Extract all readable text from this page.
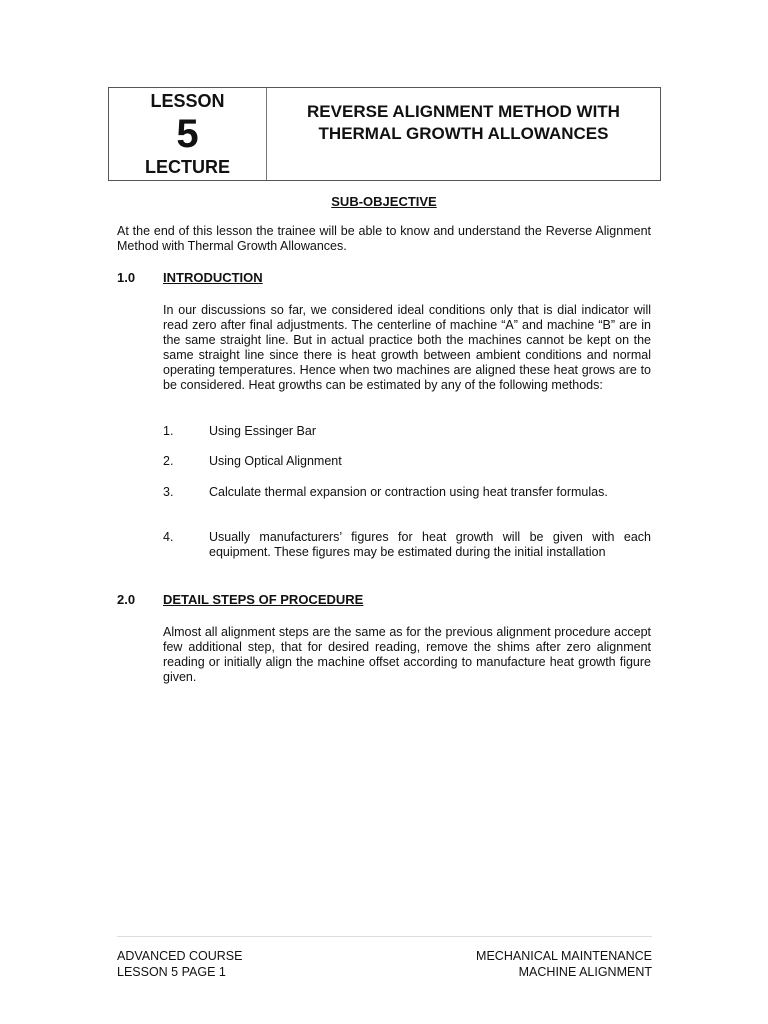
LESSON
5
LECTURE
REVERSE ALIGNMENT METHOD WITH THERMAL GROWTH ALLOWANCES
SUB-OBJECTIVE
At the end of this lesson the trainee will be able to know and understand the Reverse Alignment Method with Thermal Growth Allowances.
1.0	INTRODUCTION
In our discussions so far, we considered ideal conditions only that is dial indicator will read zero after final adjustments. The centerline of machine “A” and machine “B” are in the same straight line. But in actual practice both the machines cannot be kept on the same straight line since there is heat growth between ambient conditions and normal operating temperatures. Hence when two machines are aligned these heat grows are to be considered. Heat growths can be estimated by any of the following methods:
1.	Using Essinger Bar
2.	Using Optical Alignment
3.	Calculate thermal expansion or contraction using heat transfer formulas.
4.	Usually manufacturers’ figures for heat growth will be given with each equipment. These figures may be estimated during the initial installation
2.0	DETAIL STEPS OF PROCEDURE
Almost all alignment steps are the same as for the previous alignment procedure accept few additional step, that for desired reading, remove the shims after zero alignment reading or initially align the machine offset according to manufacture heat growth figure given.
ADVANCED COURSE
LESSON 5 PAGE 1
MECHANICAL MAINTENANCE
MACHINE ALIGNMENT
